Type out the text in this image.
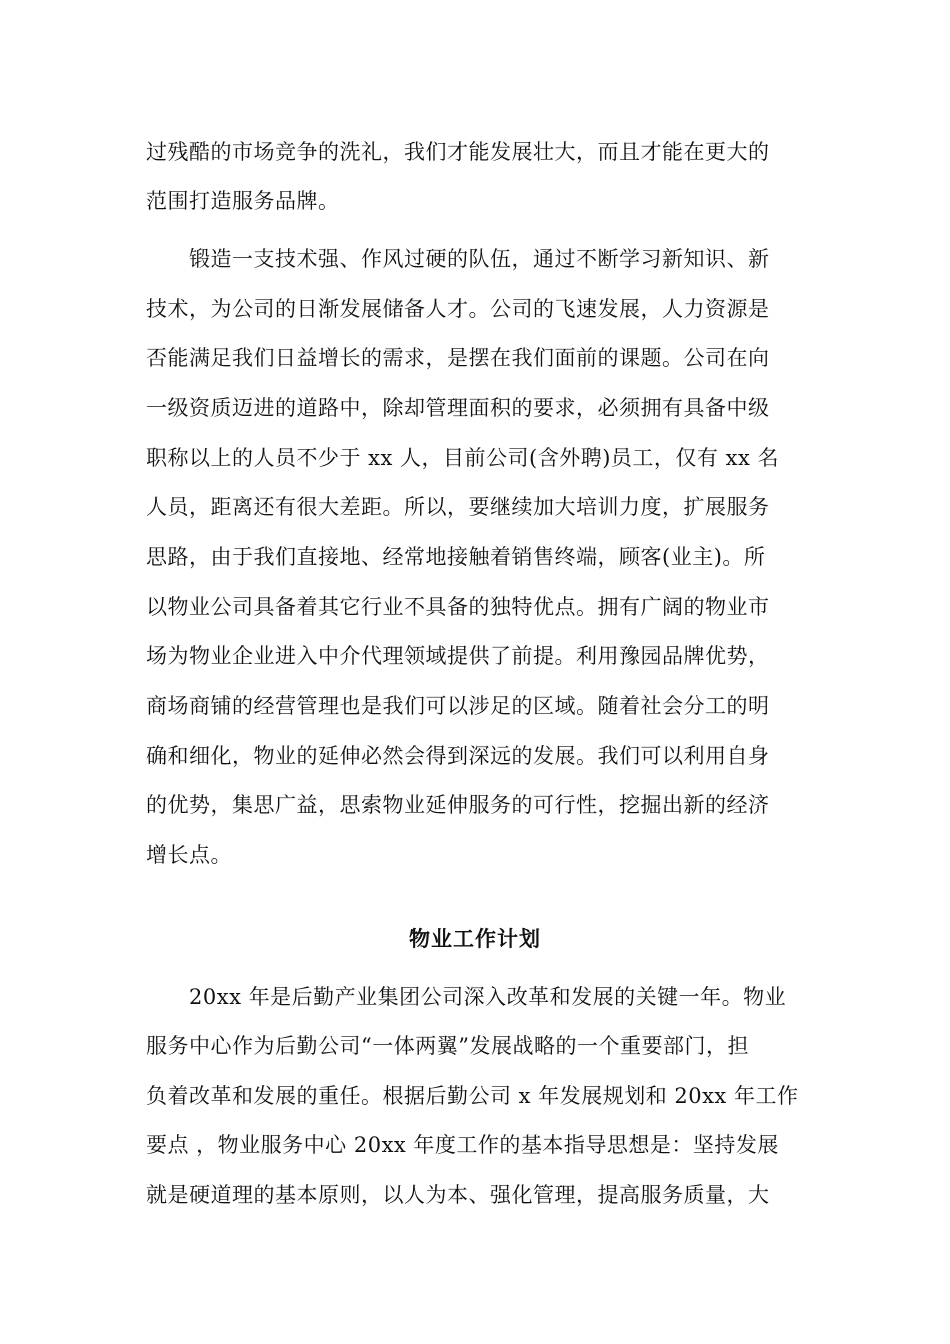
过残酷的市场竞争的洗礼，我们才能发展壮大，而且才能在更大的
范围打造服务品牌。
　　锻造一支技术强、作风过硬的队伍，通过不断学习新知识、新
技术，为公司的日渐发展储备人才。公司的飞速发展，人力资源是
否能满足我们日益增长的需求，是摆在我们面前的课题。公司在向
一级资质迈进的道路中，除却管理面积的要求，必须拥有具备中级
职称以上的人员不少于 xx 人，目前公司(含外聘)员工，仅有 xx 名
人员，距离还有很大差距。所以，要继续加大培训力度，扩展服务
思路，由于我们直接地、经常地接触着销售终端，顾客(业主)。所
以物业公司具备着其它行业不具备的独特优点。拥有广阔的物业市
场为物业企业进入中介代理领域提供了前提。利用豫园品牌优势，
商场商铺的经营管理也是我们可以涉足的区域。随着社会分工的明
确和细化，物业的延伸必然会得到深远的发展。我们可以利用自身
的优势，集思广益，思索物业延伸服务的可行性，挖掘出新的经济
增长点。
物业工作计划
　　20xx 年是后勤产业集团公司深入改革和发展的关键一年。物业
服务中心作为后勤公司“一体两翼”发展战略的一个重要部门，担
负着改革和发展的重任。根据后勤公司 x 年发展规划和 20xx 年工作
要点 ，物业服务中心 20xx 年度工作的基本指导思想是：坚持发展
就是硬道理的基本原则，以人为本、强化管理，提高服务质量，大
